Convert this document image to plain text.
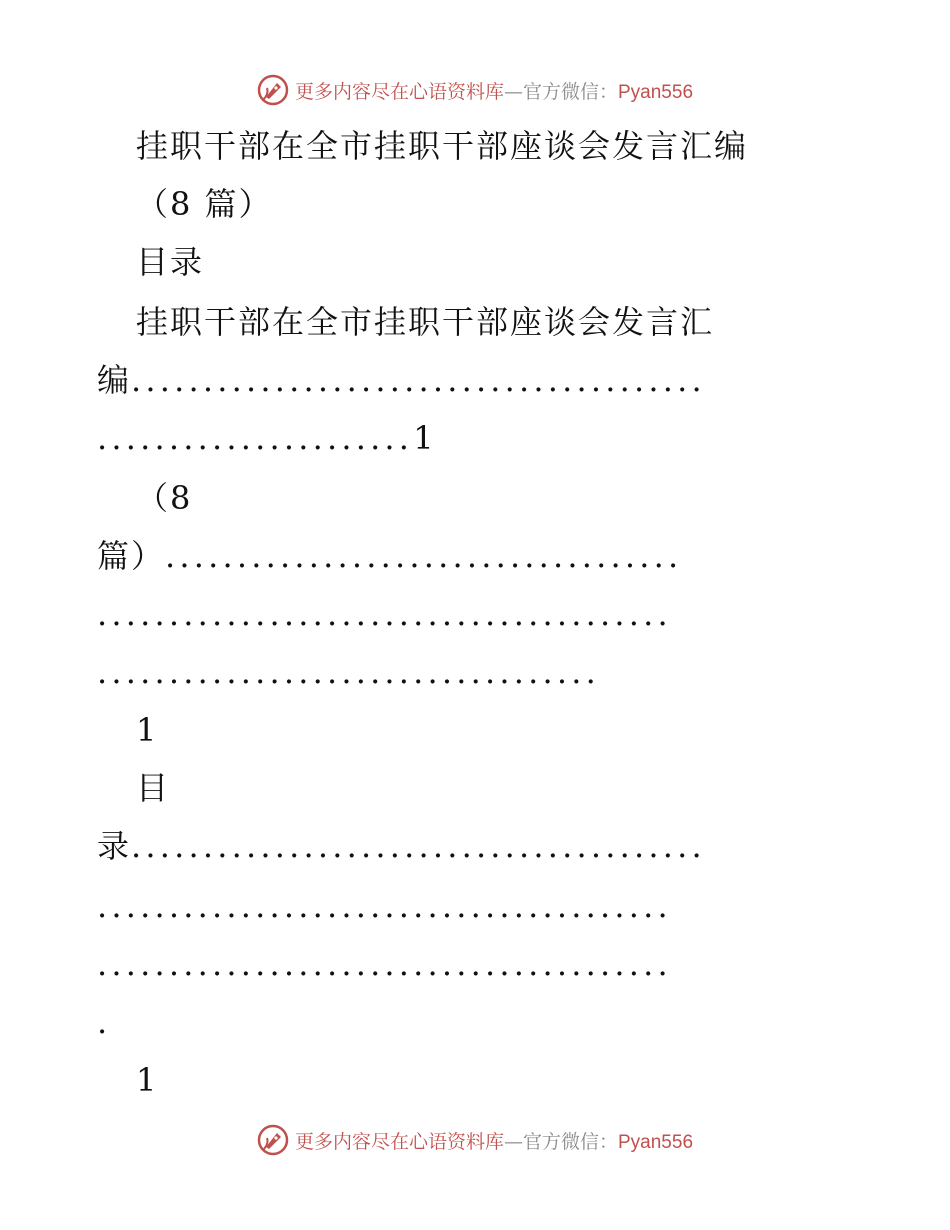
更多内容尽在心语资料库—官方微信：Pyan556
挂职干部在全市挂职干部座谈会发言汇编
（8 篇）
目录
挂职干部在全市挂职干部座谈会发言汇
编........................................
......................1
（8
篇）....................................
........................................
...................................
1
目
录........................................
........................................
........................................
.
1
更多内容尽在心语资料库—官方微信：Pyan556
